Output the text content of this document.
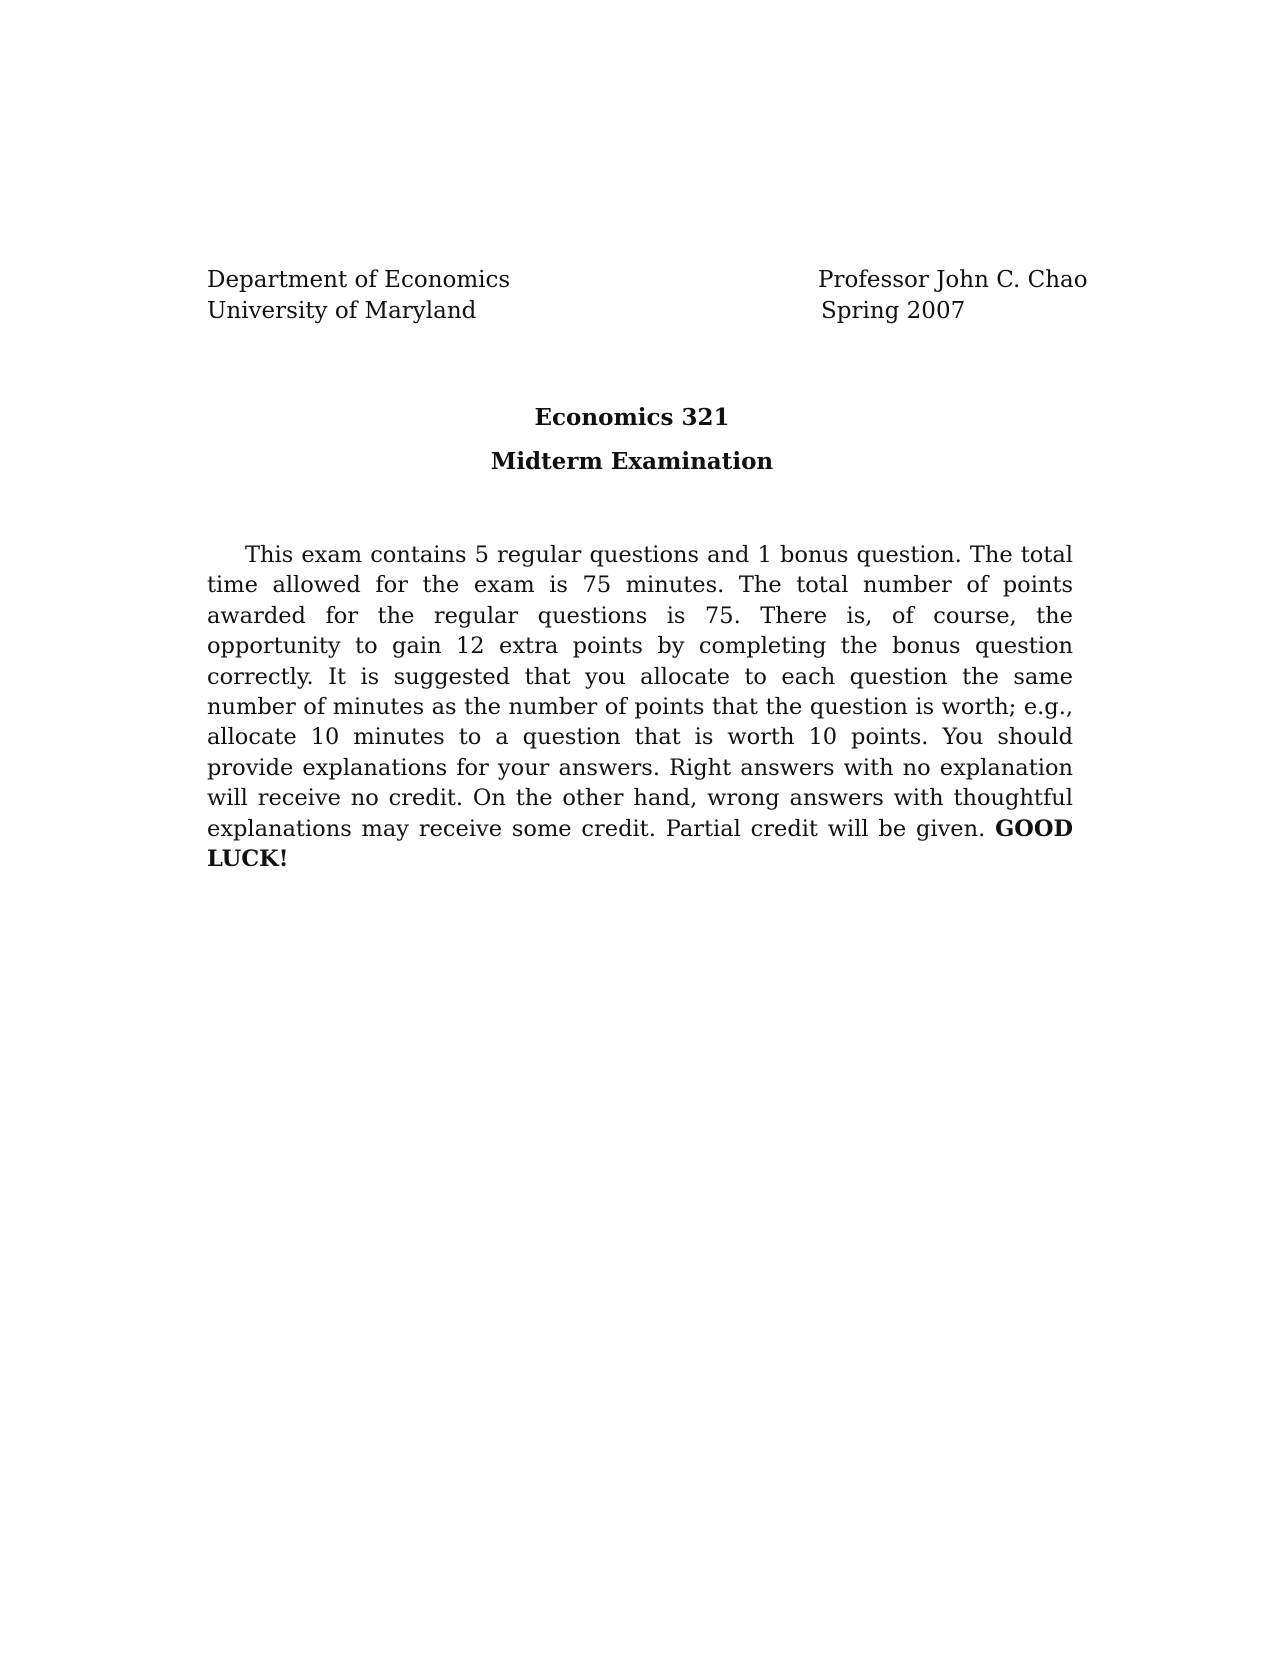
Department of Economics
University of Maryland
Professor John C. Chao
Spring 2007
Economics 321
Midterm Examination

This exam contains 5 regular questions and 1 bonus question. The total time allowed for the exam is 75 minutes. The total number of points awarded for the regular questions is 75. There is, of course, the opportunity to gain 12 extra points by completing the bonus question correctly. It is suggested that you allocate to each question the same number of minutes as the number of points that the question is worth; e.g., allocate 10 minutes to a question that is worth 10 points. You should provide explanations for your answers. Right answers with no explanation will receive no credit. On the other hand, wrong answers with thoughtful explanations may receive some credit. Partial credit will be given. GOOD LUCK!
